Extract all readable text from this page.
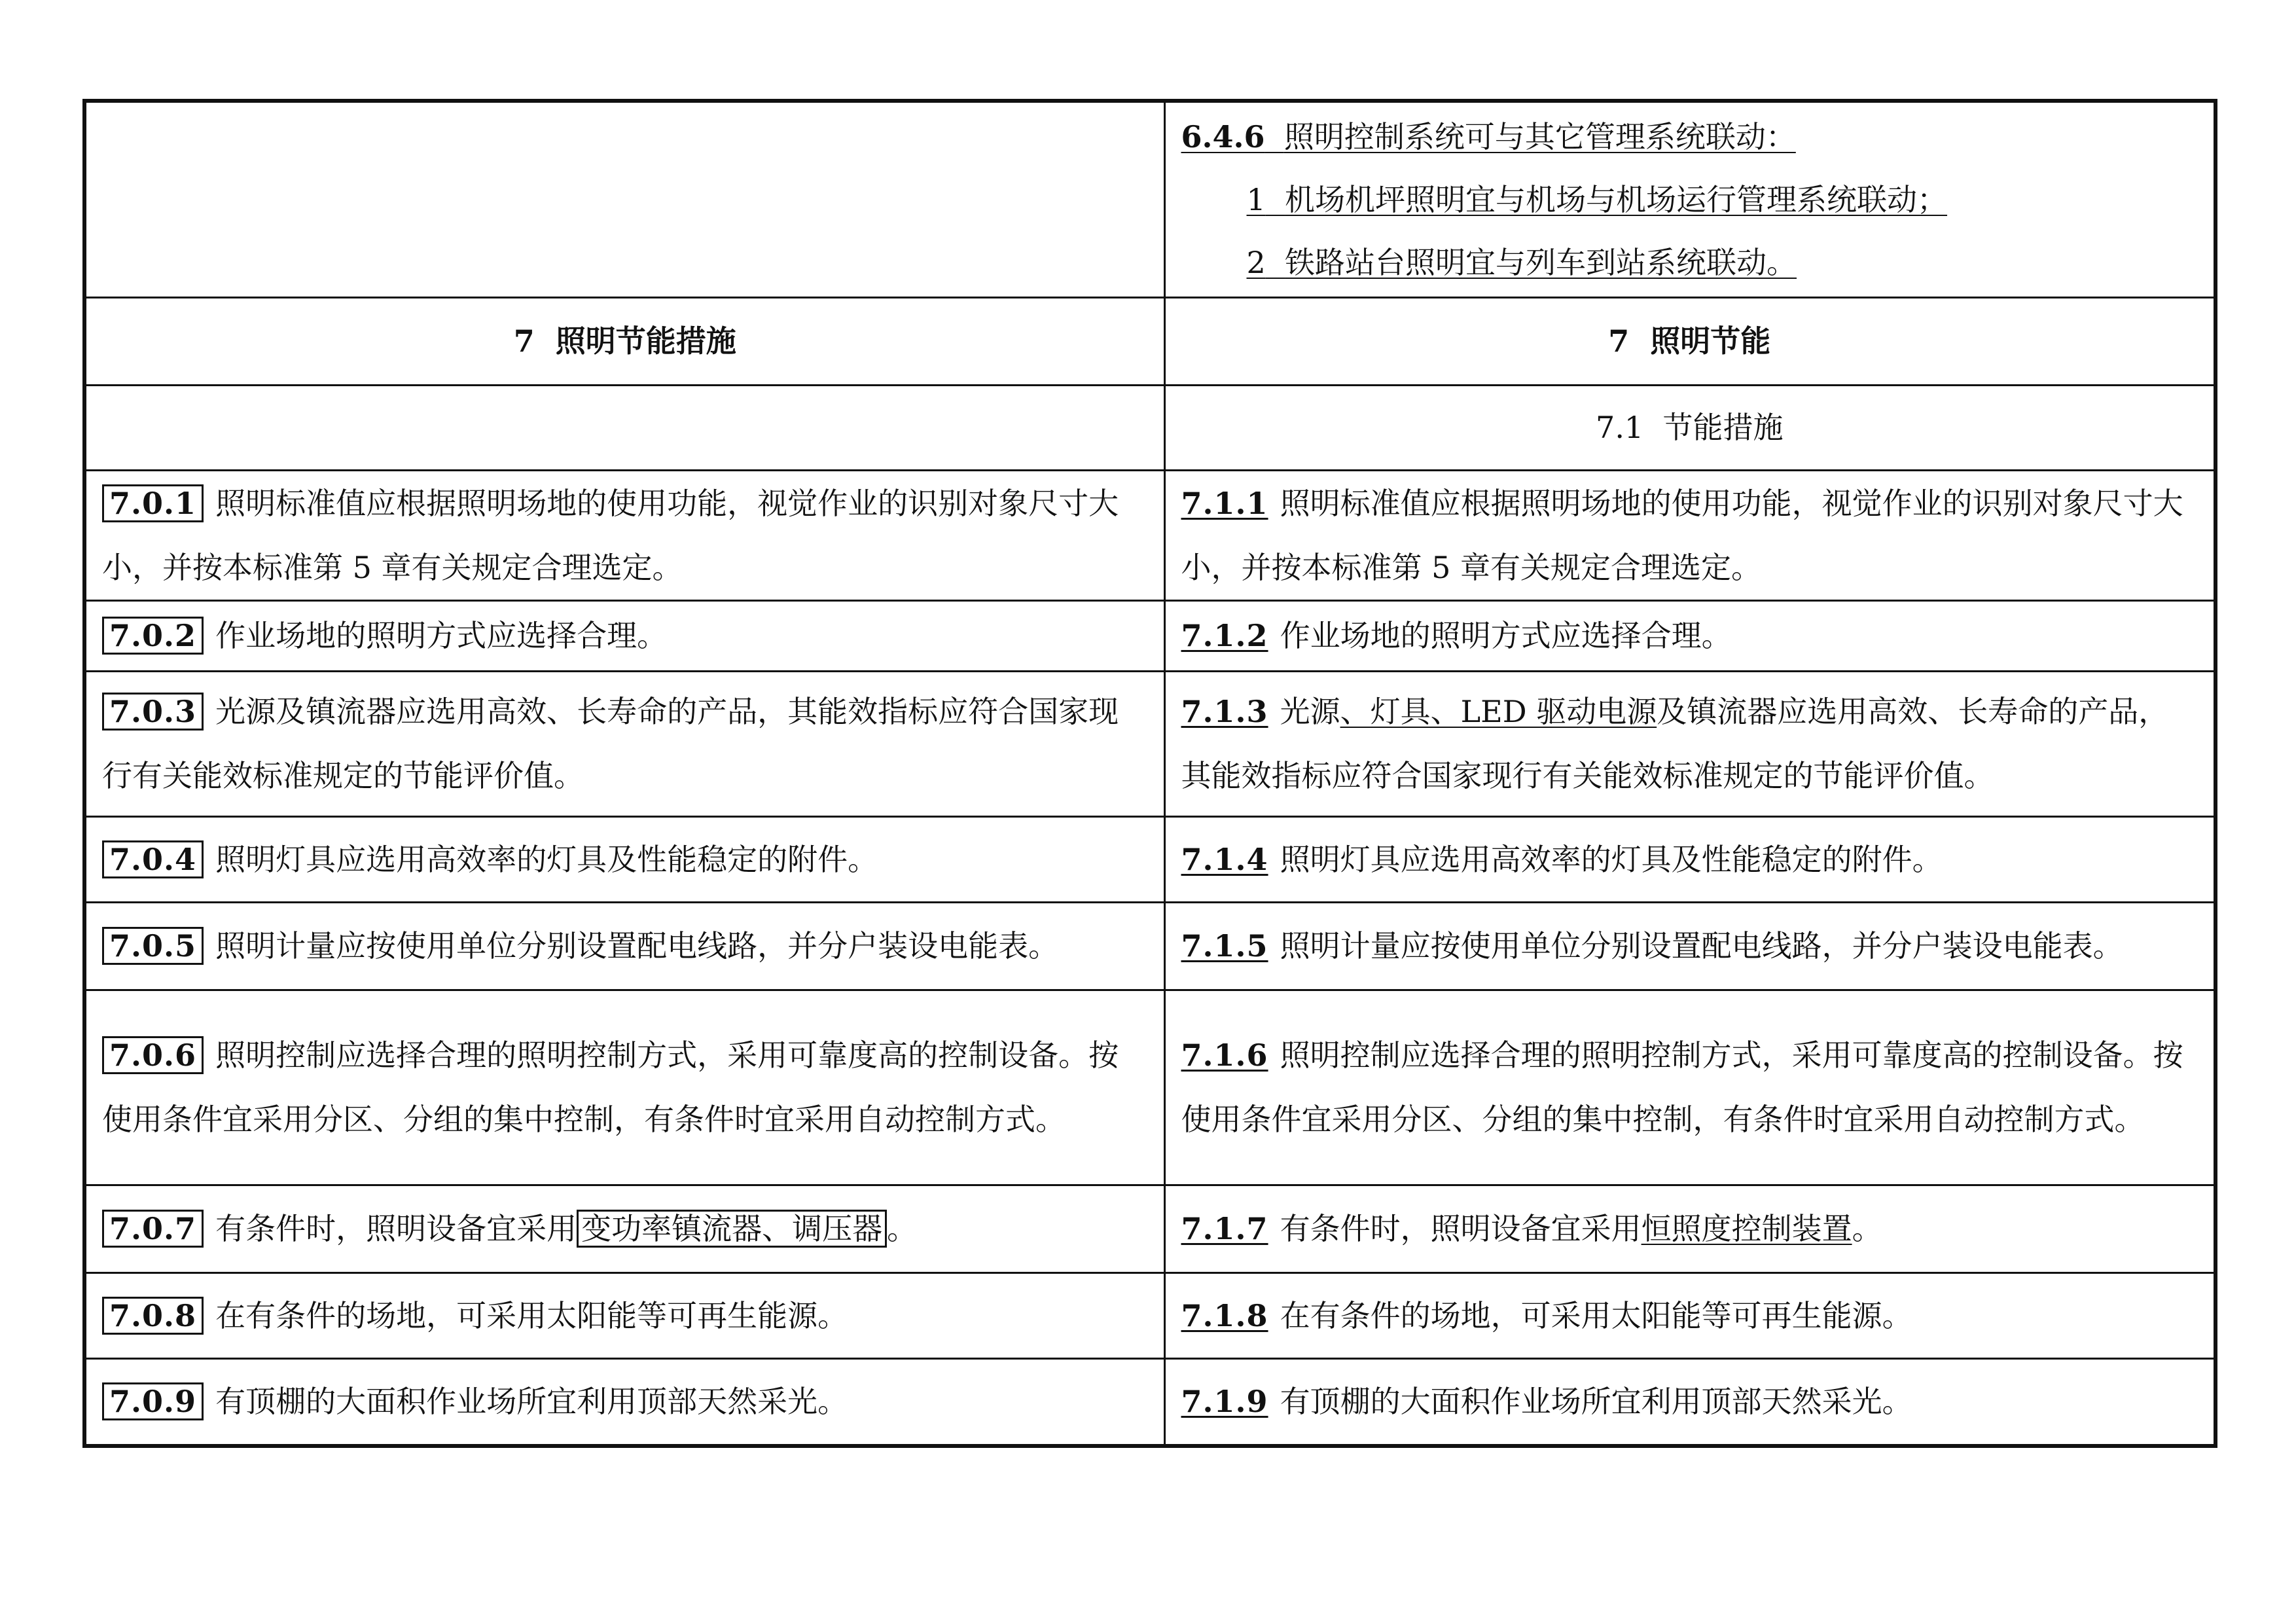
	6.4.6 照明控制系统可与其它管理系统联动：

1 机场机坪照明宜与机场与机场运行管理系统联动；
2 铁路站台照明宜与列车到站系统联动。

7 照明节能措施	7 照明节能
	7.1 节能措施
7.0.1 照明标准值应根据照明场地的使用功能，视觉作业的识别对象尺寸大小，并按本标准第 5 章有关规定合理选定。	7.1.1 照明标准值应根据照明场地的使用功能，视觉作业的识别对象尺寸大小，并按本标准第 5 章有关规定合理选定。
7.0.2 作业场地的照明方式应选择合理。	7.1.2 作业场地的照明方式应选择合理。
7.0.3 光源及镇流器应选用高效、长寿命的产品，其能效指标应符合国家现行有关能效标准规定的节能评价值。	7.1.3 光源、灯具、LED 驱动电源及镇流器应选用高效、长寿命的产品，其能效指标应符合国家现行有关能效标准规定的节能评价值。
7.0.4 照明灯具应选用高效率的灯具及性能稳定的附件。	7.1.4 照明灯具应选用高效率的灯具及性能稳定的附件。
7.0.5 照明计量应按使用单位分别设置配电线路，并分户装设电能表。	7.1.5 照明计量应按使用单位分别设置配电线路，并分户装设电能表。
7.0.6 照明控制应选择合理的照明控制方式，采用可靠度高的控制设备。按使用条件宜采用分区、分组的集中控制，有条件时宜采用自动控制方式。	7.1.6 照明控制应选择合理的照明控制方式，采用可靠度高的控制设备。按使用条件宜采用分区、分组的集中控制，有条件时宜采用自动控制方式。
7.0.7 有条件时，照明设备宜采用 变功率镇流器、调压器 。	7.1.7 有条件时，照明设备宜采用恒照度控制装置。
7.0.8 在有条件的场地，可采用太阳能等可再生能源。	7.1.8 在有条件的场地，可采用太阳能等可再生能源。
7.0.9 有顶棚的大面积作业场所宜利用顶部天然采光。	7.1.9 有顶棚的大面积作业场所宜利用顶部天然采光。
